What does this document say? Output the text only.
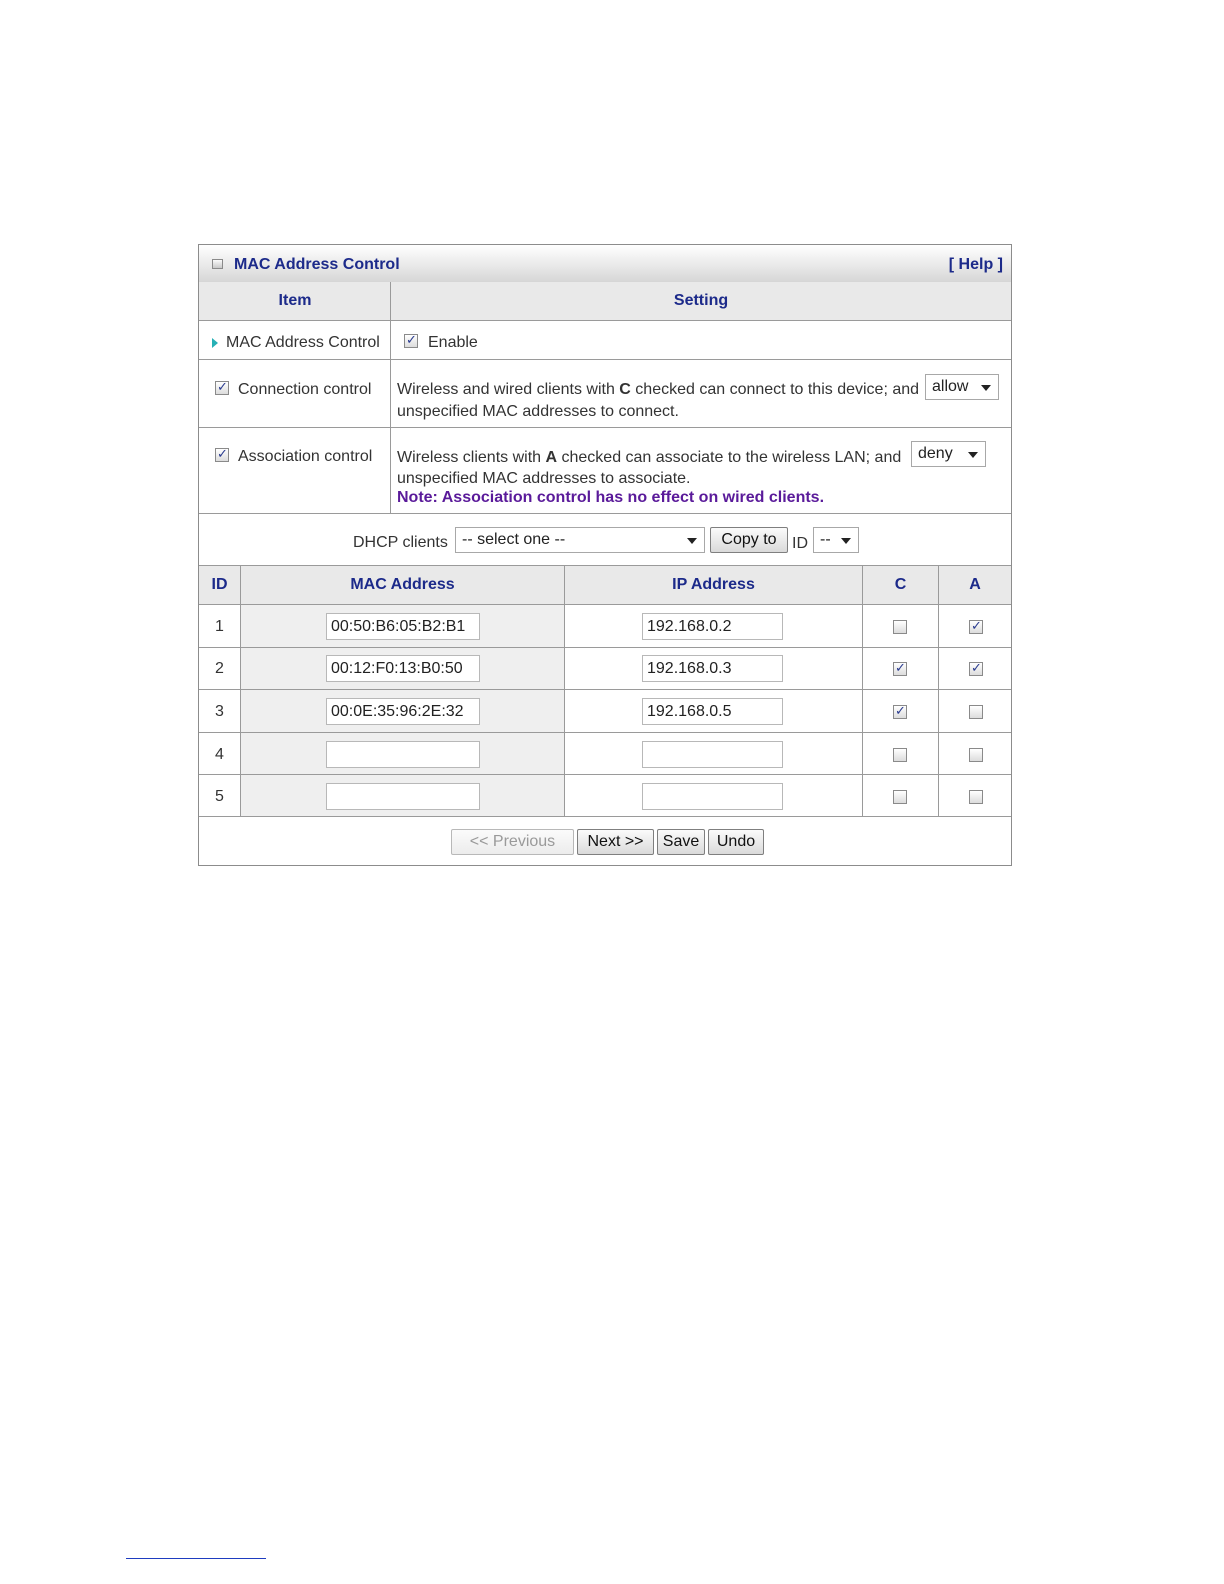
MAC Address Control	[ Help ]
Item	Setting
MAC Address Control
✓	Enable
✓
Connection control Wireless and wired clients with C checked can connect to this device; and allow
unspecified MAC addresses to connect.
✓
Association control Wireless clients with A checked can associate to the wireless LAN; and	deny
unspecified MAC addresses to associate.
Note: Association control has no effect on wired clients.
DHCP clients -- select one --	Copy to ID --
ID	MAC Address	IP Address	C	A
1	00:50:B6:05:B2:B1	192.168.0.2
✓
2	00:12:F0:13:B0:50	192.168.0.3
✓
✓
3	00:0E:35:96:2E:32	192.168.0.5
✓
4
5
<< Previous	Next >>	Save	Undo
